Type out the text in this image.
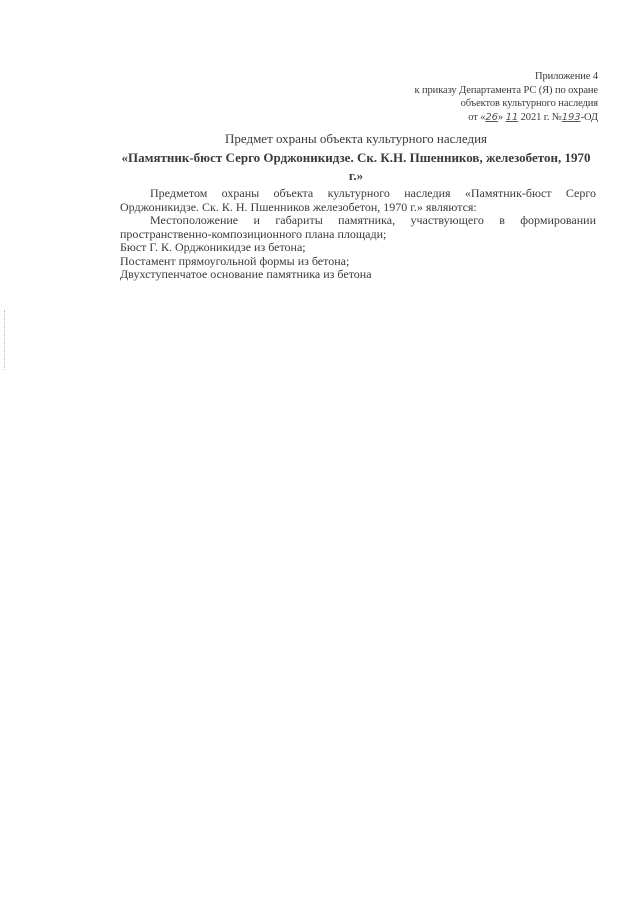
Приложение 4
к приказу Департамента РС (Я) по охране
объектов культурного наследия
от «26» 11 2021 г. №193-ОД
Предмет охраны объекта культурного наследия
«Памятник-бюст Серго Орджоникидзе. Ск. К.Н. Пшенников, железобетон, 1970 г.»

Предметом охраны объекта культурного наследия «Памятник-бюст Серго Орджоникидзе. Ск. К. Н. Пшенников железобетон, 1970 г.» являются:

Местоположение и габариты памятника, участвующего в формировании пространственно-композиционного плана площади;

Бюст Г. К. Орджоникидзе из бетона;

Постамент прямоугольной формы из бетона;

Двухступенчатое основание памятника из бетона
